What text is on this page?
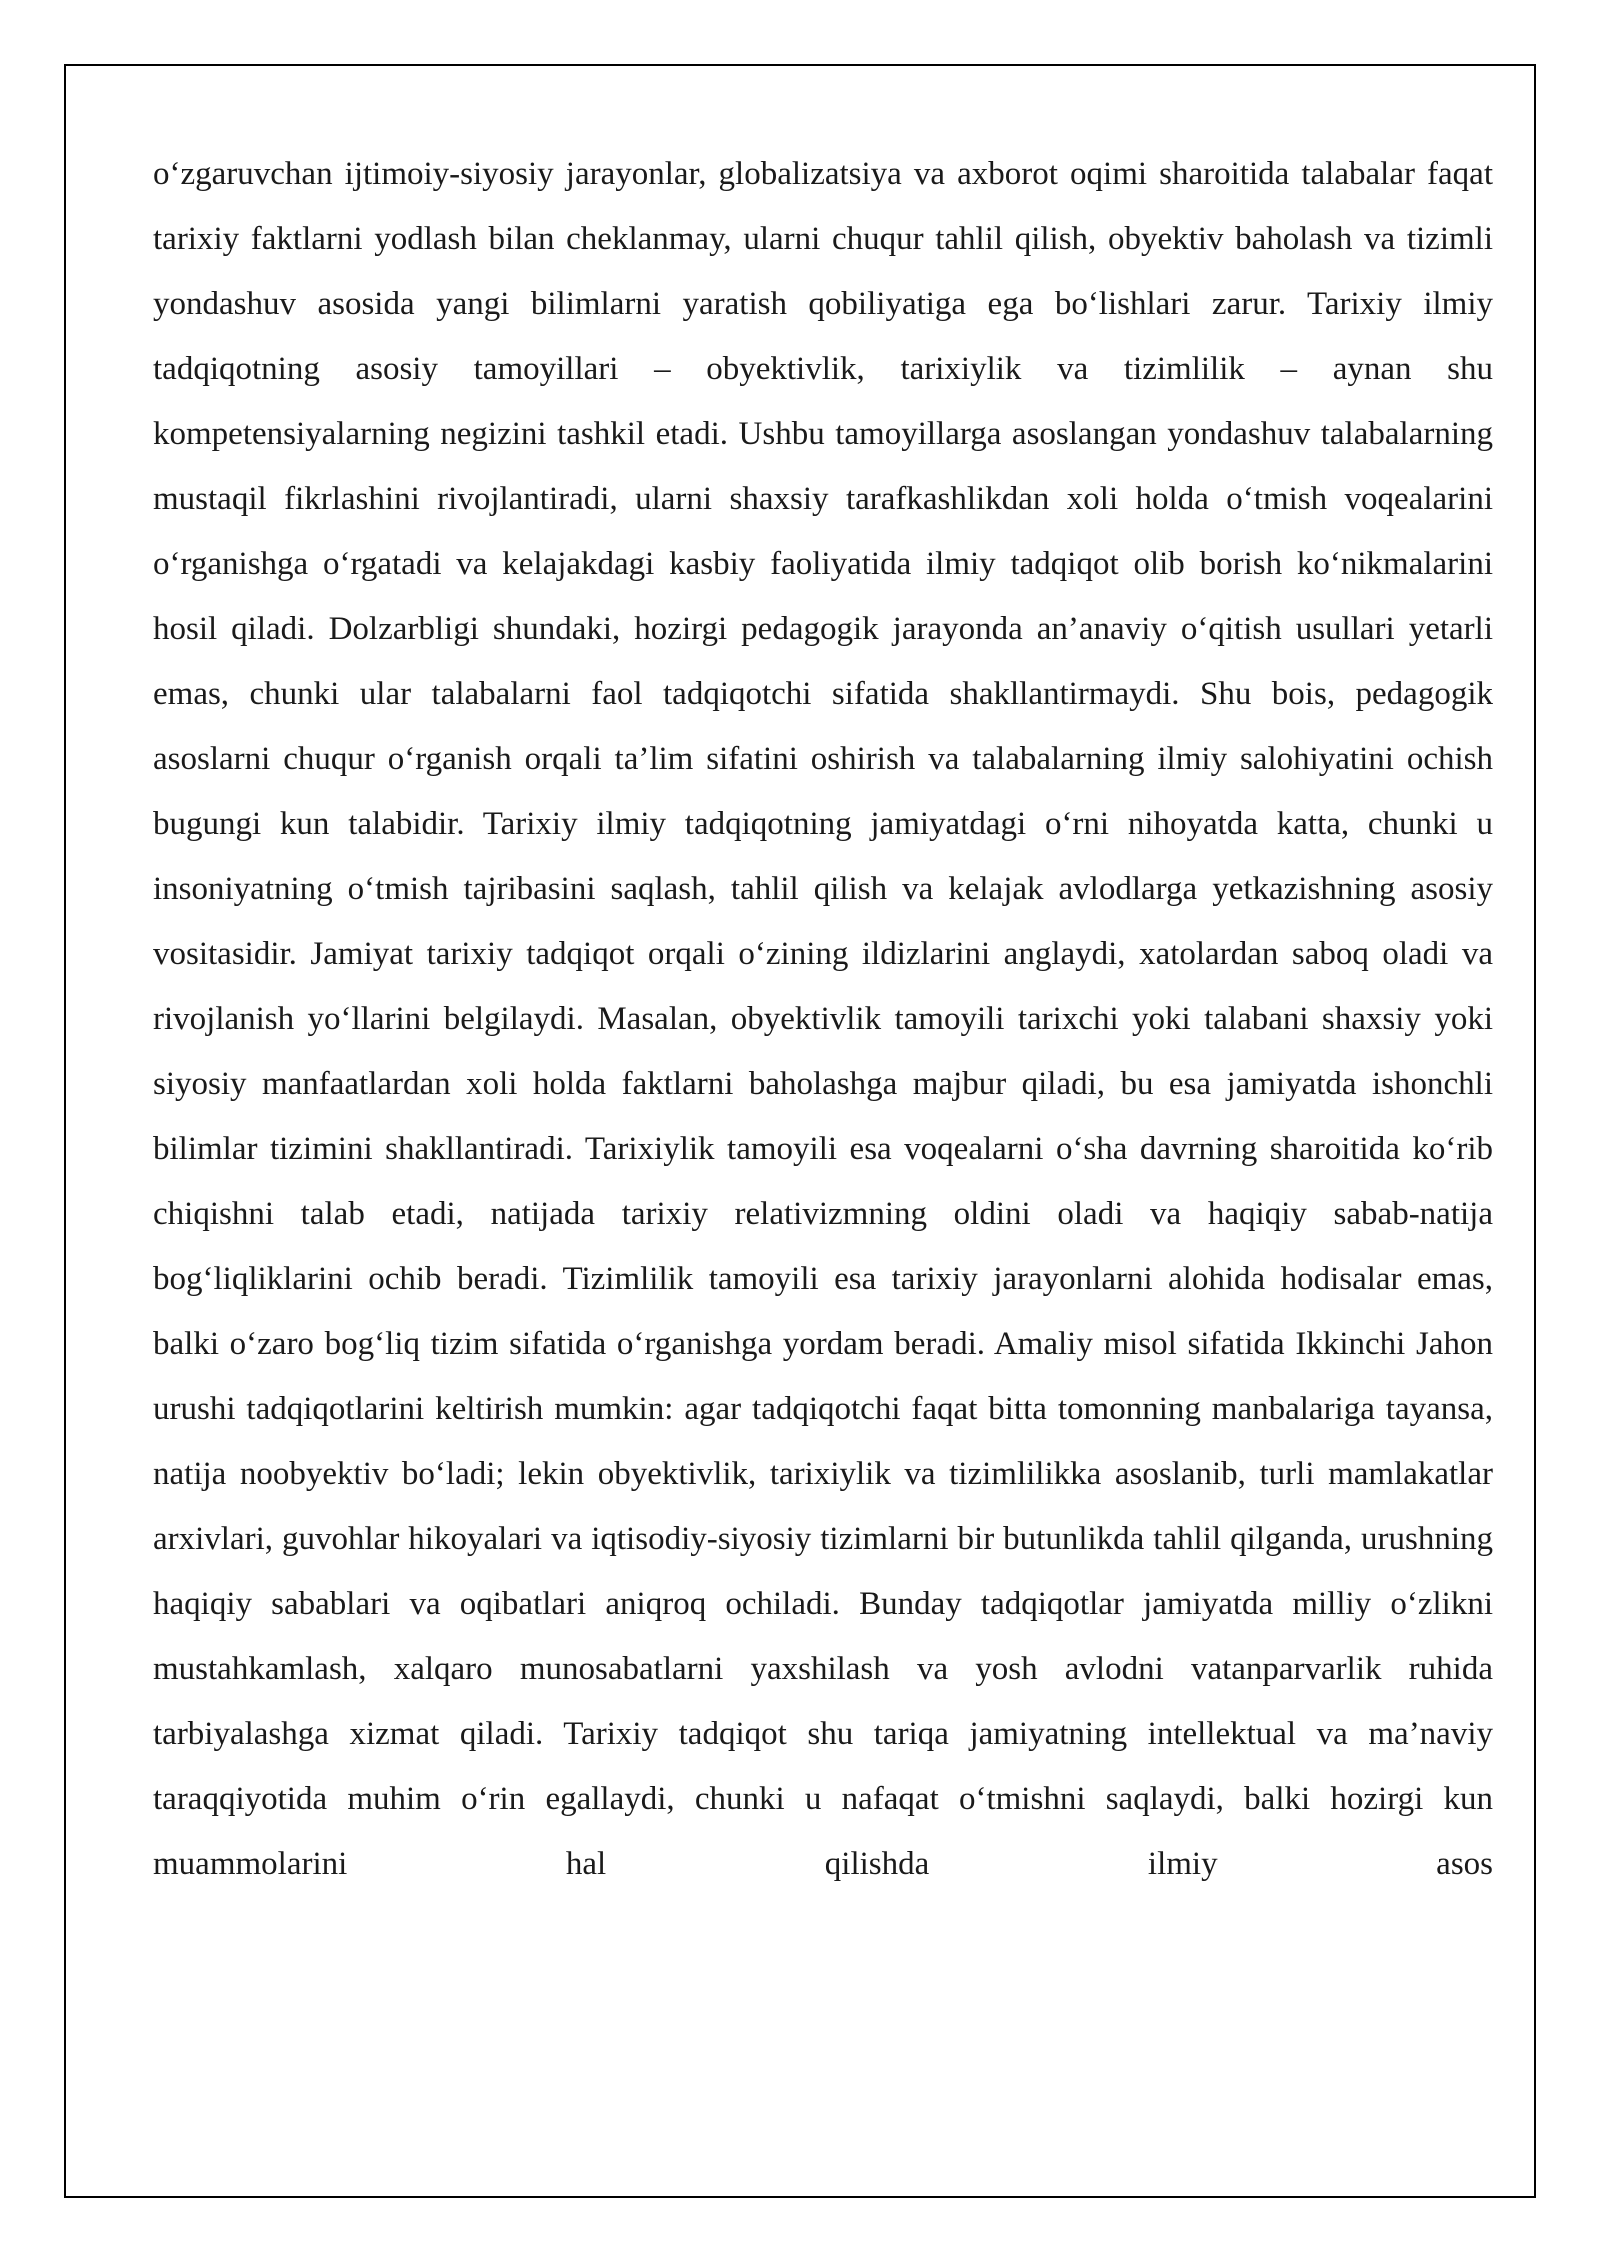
o‘zgaruvchan ijtimoiy-siyosiy jarayonlar, globalizatsiya va axborot oqimi sharoitida talabalar faqat tarixiy faktlarni yodlash bilan cheklanmay, ularni chuqur tahlil qilish, obyektiv baholash va tizimli yondashuv asosida yangi bilimlarni yaratish qobiliyatiga ega bo‘lishlari zarur. Tarixiy ilmiy tadqiqotning asosiy tamoyillari – obyektivlik, tarixiylik va tizimlilik – aynan shu kompetensiyalarning negizini tashkil etadi. Ushbu tamoyillarga asoslangan yondashuv talabalarning mustaqil fikrlashini rivojlantiradi, ularni shaxsiy tarafkashlikdan xoli holda o‘tmish voqealarini o‘rganishga o‘rgatadi va kelajakdagi kasbiy faoliyatida ilmiy tadqiqot olib borish ko‘nikmalarini hosil qiladi. Dolzarbligi shundaki, hozirgi pedagogik jarayonda an’anaviy o‘qitish usullari yetarli emas, chunki ular talabalarni faol tadqiqotchi sifatida shakllantirmaydi. Shu bois, pedagogik asoslarni chuqur o‘rganish orqali ta’lim sifatini oshirish va talabalarning ilmiy salohiyatini ochish bugungi kun talabidir. Tarixiy ilmiy tadqiqotning jamiyatdagi o‘rni nihoyatda katta, chunki u insoniyatning o‘tmish tajribasini saqlash, tahlil qilish va kelajak avlodlarga yetkazishning asosiy vositasidir. Jamiyat tarixiy tadqiqot orqali o‘zining ildizlarini anglaydi, xatolardan saboq oladi va rivojlanish yo‘llarini belgilaydi. Masalan, obyektivlik tamoyili tarixchi yoki talabani shaxsiy yoki siyosiy manfaatlardan xoli holda faktlarni baholashga majbur qiladi, bu esa jamiyatda ishonchli bilimlar tizimini shakllantiradi. Tarixiylik tamoyili esa voqealarni o‘sha davrning sharoitida ko‘rib chiqishni talab etadi, natijada tarixiy relativizmning oldini oladi va haqiqiy sabab-natija bog‘liqliklarini ochib beradi. Tizimlilik tamoyili esa tarixiy jarayonlarni alohida hodisalar emas, balki o‘zaro bog‘liq tizim sifatida o‘rganishga yordam beradi. Amaliy misol sifatida Ikkinchi Jahon urushi tadqiqotlarini keltirish mumkin: agar tadqiqotchi faqat bitta tomonning manbalariga tayansa, natija noobyektiv bo‘ladi; lekin obyektivlik, tarixiylik va tizimlilikka asoslanib, turli mamlakatlar arxivlari, guvohlar hikoyalari va iqtisodiy-siyosiy tizimlarni bir butunlikda tahlil qilganda, urushning haqiqiy sabablari va oqibatlari aniqroq ochiladi. Bunday tadqiqotlar jamiyatda milliy o‘zlikni mustahkamlash, xalqaro munosabatlarni yaxshilash va yosh avlodni vatanparvarlik ruhida tarbiyalashga xizmat qiladi. Tarixiy tadqiqot shu tariqa jamiyatning intellektual va ma’naviy taraqqiyotida muhim o‘rin egallaydi, chunki u nafaqat o‘tmishni saqlaydi, balki hozirgi kun muammolarini hal qilishda ilmiy asos
